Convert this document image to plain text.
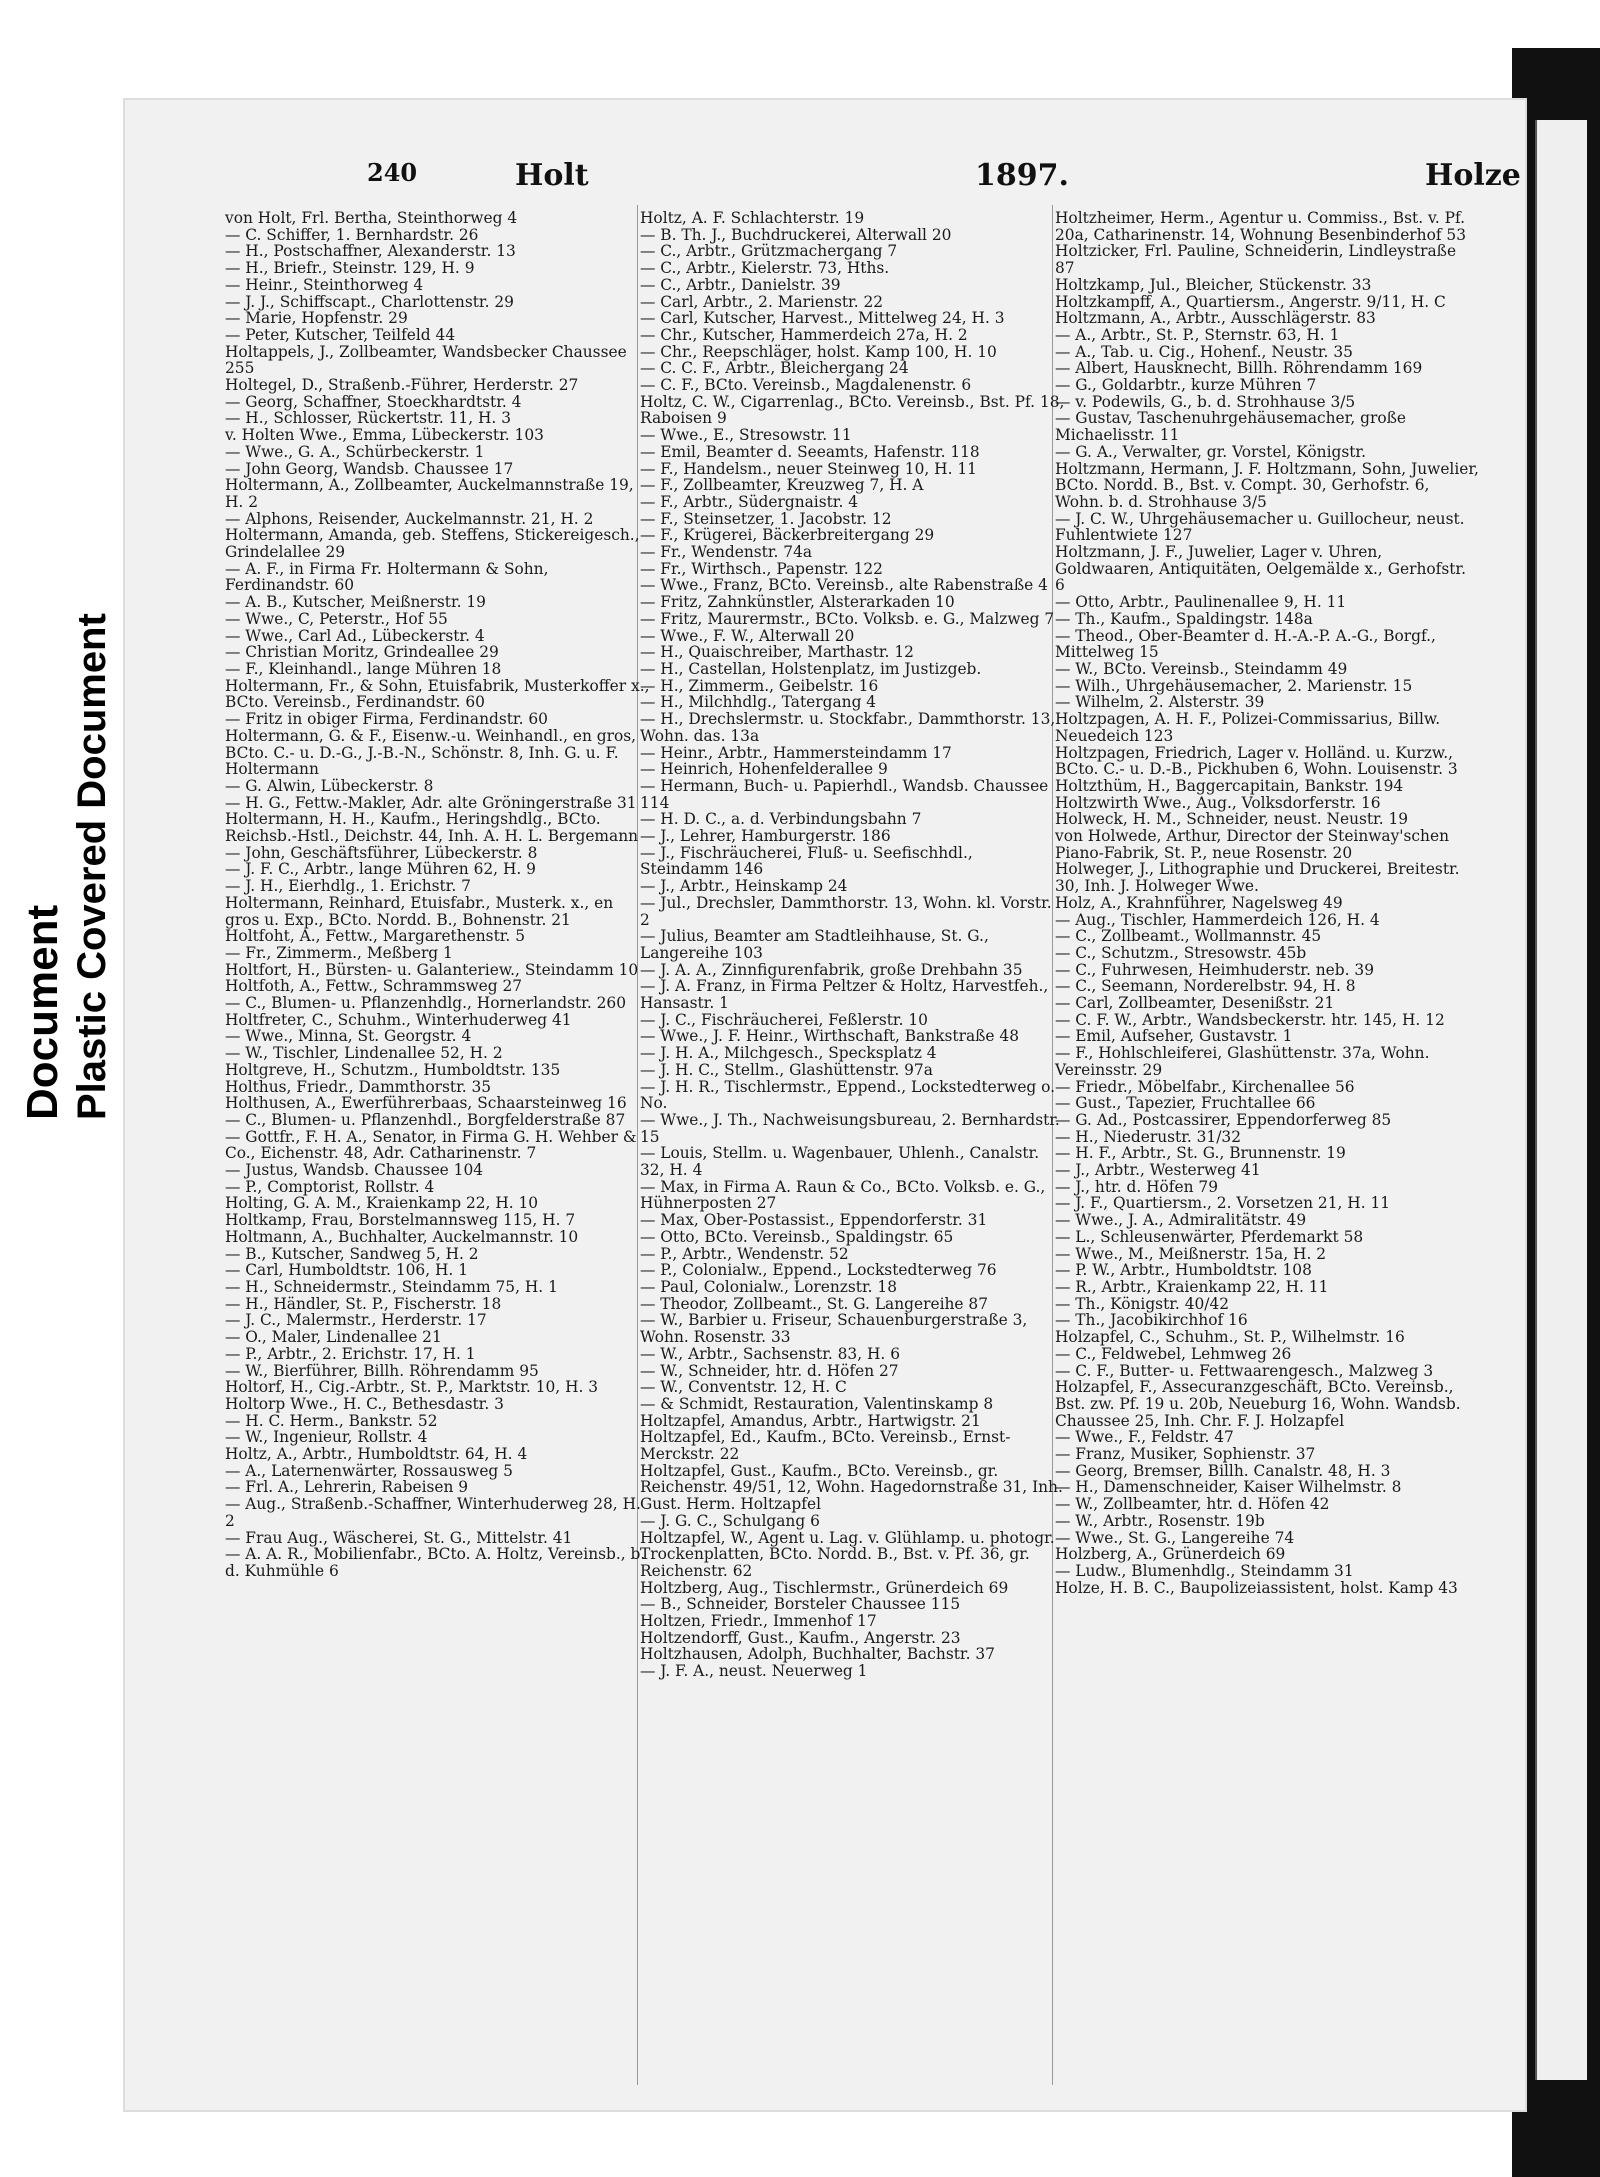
Document Plastic Covered Document
240	Holt	1897.	Holze
von Holt, Frl. Bertha, Steinthorweg 4
— C. Schiffer, 1. Bernhardstr. 26
— H., Postschaffner, Alexanderstr. 13
— H., Briefr., Steinstr. 129, H. 9
— Heinr., Steinthorweg 4
— J. J., Schiffscapt., Charlottenstr. 29
— Marie, Hopfenstr. 29
— Peter, Kutscher, Teilfeld 44
Holtappels, J., Zollbeamter, Wandsbecker Chaussee 255
Holtegel, D., Straßenb.-Führer, Herderstr. 27
— Georg, Schaffner, Stoeckhardtstr. 4
— H., Schlosser, Rückertstr. 11, H. 3
v. Holten Wwe., Emma, Lübeckerstr. 103
— Wwe., G. A., Schürbeckerstr. 1
— John Georg, Wandsb. Chaussee 17
Holtermann, A., Zollbeamter, Auckelmannstraße 19, H. 2
— Alphons, Reisender, Auckelmannstr. 21, H. 2
Holtermann, Amanda, geb. Steffens, Stickereigesch., Grindelallee 29
— A. F., in Firma Fr. Holtermann & Sohn, Ferdinandstr. 60
— A. B., Kutscher, Meißnerstr. 19
— Wwe., C, Peterstr., Hof 55
— Wwe., Carl Ad., Lübeckerstr. 4
— Christian Moritz, Grindeallee 29
— F., Kleinhandl., lange Mühren 18
Holtermann, Fr., & Sohn, Etuisfabrik, Musterkoffer x., BCto. Vereinsb., Ferdinandstr. 60
— Fritz in obiger Firma, Ferdinandstr. 60
Holtermann, G. & F., Eisenw.-u. Weinhandl., en gros, BCto. C.- u. D.-G., J.-B.-N., Schönstr. 8, Inh. G. u. F. Holtermann
— G. Alwin, Lübeckerstr. 8
— H. G., Fettw.-Makler, Adr. alte Gröningerstraße 31
Holtermann, H. H., Kaufm., Heringshdlg., BCto. Reichsb.-Hstl., Deichstr. 44, Inh. A. H. L. Bergemann
— John, Geschäftsführer, Lübeckerstr. 8
— J. F. C., Arbtr., lange Mühren 62, H. 9
— J. H., Eierhdlg., 1. Erichstr. 7
Holtermann, Reinhard, Etuisfabr., Musterk. x., en gros u. Exp., BCto. Nordd. B., Bohnenstr. 21
Holtfoht, A., Fettw., Margarethenstr. 5
— Fr., Zimmerm., Meßberg 1
Holtfort, H., Bürsten- u. Galanteriew., Steindamm 10
Holtfoth, A., Fettw., Schrammsweg 27
— C., Blumen- u. Pflanzenhdlg., Hornerlandstr. 260
Holtfreter, C., Schuhm., Winterhuderweg 41
— Wwe., Minna, St. Georgstr. 4
— W., Tischler, Lindenallee 52, H. 2
Holtgreve, H., Schutzm., Humboldtstr. 135
Holthus, Friedr., Dammthorstr. 35
Holthusen, A., Ewerführerbaas, Schaarsteinweg 16
— C., Blumen- u. Pflanzenhdl., Borgfelderstraße 87
— Gottfr., F. H. A., Senator, in Firma G. H. Wehber & Co., Eichenstr. 48, Adr. Catharinenstr. 7
— Justus, Wandsb. Chaussee 104
— P., Comptorist, Rollstr. 4
Holting, G. A. M., Kraienkamp 22, H. 10
Holtkamp, Frau, Borstelmannsweg 115, H. 7
Holtmann, A., Buchhalter, Auckelmannstr. 10
— B., Kutscher, Sandweg 5, H. 2
— Carl, Humboldtstr. 106, H. 1
— H., Schneidermstr., Steindamm 75, H. 1
— H., Händler, St. P., Fischerstr. 18
— J. C., Malermstr., Herderstr. 17
— O., Maler, Lindenallee 21
— P., Arbtr., 2. Erichstr. 17, H. 1
— W., Bierführer, Billh. Röhrendamm 95
Holtorf, H., Cig.-Arbtr., St. P., Marktstr. 10, H. 3
Holtorp Wwe., H. C., Bethesdastr. 3
— H. C. Herm., Bankstr. 52
— W., Ingenieur, Rollstr. 4
Holtz, A., Arbtr., Humboldtstr. 64, H. 4
— A., Laternenwärter, Rossausweg 5
— Frl. A., Lehrerin, Rabeisen 9
— Aug., Straßenb.-Schaffner, Winterhuderweg 28, H. 2
— Frau Aug., Wäscherei, St. G., Mittelstr. 41
— A. A. R., Mobilienfabr., BCto. A. Holtz, Vereinsb., b. d. Kuhmühle 6
Holtz, A. F. Schlachterstr. 19
— B. Th. J., Buchdruckerei, Alterwall 20
— C., Arbtr., Grützmachergang 7
— C., Arbtr., Kielerstr. 73, Hths.
— C., Arbtr., Danielstr. 39
— Carl, Arbtr., 2. Marienstr. 22
— Carl, Kutscher, Harvest., Mittelweg 24, H. 3
— Chr., Kutscher, Hammerdeich 27a, H. 2
— Chr., Reepschläger, holst. Kamp 100, H. 10
— C. C. F., Arbtr., Bleichergang 24
— C. F., BCto. Vereinsb., Magdalenenstr. 6
Holtz, C. W., Cigarrenlag., BCto. Vereinsb., Bst. Pf. 18, Raboisen 9
— Wwe., E., Stresowstr. 11
— Emil, Beamter d. Seeamts, Hafenstr. 118
— F., Handelsm., neuer Steinweg 10, H. 11
— F., Zollbeamter, Kreuzweg 7, H. A
— F., Arbtr., Südergnaistr. 4
— F., Steinsetzer, 1. Jacobstr. 12
— F., Krügerei, Bäckerbreitergang 29
— Fr., Wendenstr. 74a
— Fr., Wirthsch., Papenstr. 122
— Wwe., Franz, BCto. Vereinsb., alte Rabenstraße 4
— Fritz, Zahnkünstler, Alsterarkaden 10
— Fritz, Maurermstr., BCto. Volksb. e. G., Malzweg 7
— Wwe., F. W., Alterwall 20
— H., Quaischreiber, Marthastr. 12
— H., Castellan, Holstenplatz, im Justizgeb.
— H., Zimmerm., Geibelstr. 16
— H., Milchhdlg., Tatergang 4
— H., Drechslermstr. u. Stockfabr., Dammthorstr. 13, Wohn. das. 13a
— Heinr., Arbtr., Hammersteindamm 17
— Heinrich, Hohenfelderallee 9
— Hermann, Buch- u. Papierhdl., Wandsb. Chaussee 114
— H. D. C., a. d. Verbindungsbahn 7
— J., Lehrer, Hamburgerstr. 186
— J., Fischräucherei, Fluß- u. Seefischhdl., Steindamm 146
— J., Arbtr., Heinskamp 24
— Jul., Drechsler, Dammthorstr. 13, Wohn. kl. Vorstr. 2
— Julius, Beamter am Stadtleihhause, St. G., Langereihe 103
— J. A. A., Zinnfigurenfabrik, große Drehbahn 35
— J. A. Franz, in Firma Peltzer & Holtz, Harvestfeh., Hansastr. 1
— J. C., Fischräucherei, Feßlerstr. 10
— Wwe., J. F. Heinr., Wirthschaft, Bankstraße 48
— J. H. A., Milchgesch., Specksplatz 4
— J. H. C., Stellm., Glashüttenstr. 97a
— J. H. R., Tischlermstr., Eppend., Lockstedterweg o. No.
— Wwe., J. Th., Nachweisungsbureau, 2. Bernhardstr. 15
— Louis, Stellm. u. Wagenbauer, Uhlenh., Canalstr. 32, H. 4
— Max, in Firma A. Raun & Co., BCto. Volksb. e. G., Hühnerposten 27
— Max, Ober-Postassist., Eppendorferstr. 31
— Otto, BCto. Vereinsb., Spaldingstr. 65
— P., Arbtr., Wendenstr. 52
— P., Colonialw., Eppend., Lockstedterweg 76
— Paul, Colonialw., Lorenzstr. 18
— Theodor, Zollbeamt., St. G. Langereihe 87
— W., Barbier u. Friseur, Schauenburgerstraße 3, Wohn. Rosenstr. 33
— W., Arbtr., Sachsenstr. 83, H. 6
— W., Schneider, htr. d. Höfen 27
— W., Conventstr. 12, H. C
— & Schmidt, Restauration, Valentinskamp 8
Holtzapfel, Amandus, Arbtr., Hartwigstr. 21
Holtzapfel, Ed., Kaufm., BCto. Vereinsb., Ernst-Merckstr. 22
Holtzapfel, Gust., Kaufm., BCto. Vereinsb., gr. Reichenstr. 49/51, 12, Wohn. Hagedornstraße 31, Inh. Gust. Herm. Holtzapfel
— J. G. C., Schulgang 6
Holtzapfel, W., Agent u. Lag. v. Glühlamp. u. photogr. Trockenplatten, BCto. Nordd. B., Bst. v. Pf. 36, gr. Reichenstr. 62
Holtzberg, Aug., Tischlermstr., Grünerdeich 69
— B., Schneider, Borsteler Chaussee 115
Holtzen, Friedr., Immenhof 17
Holtzendorff, Gust., Kaufm., Angerstr. 23
Holtzhausen, Adolph, Buchhalter, Bachstr. 37
— J. F. A., neust. Neuerweg 1
Holtzheimer, Herm., Agentur u. Commiss., Bst. v. Pf. 20a, Catharinenstr. 14, Wohnung Besenbinderhof 53
Holtzicker, Frl. Pauline, Schneiderin, Lindleystraße 87
Holtzkamp, Jul., Bleicher, Stückenstr. 33
Holtzkampff, A., Quartiersm., Angerstr. 9/11, H. C
Holtzmann, A., Arbtr., Ausschlägerstr. 83
— A., Arbtr., St. P., Sternstr. 63, H. 1
— A., Tab. u. Cig., Hohenf., Neustr. 35
— Albert, Hausknecht, Billh. Röhrendamm 169
— G., Goldarbtr., kurze Mühren 7
— v. Podewils, G., b. d. Strohhause 3/5
— Gustav, Taschenuhrgehäusemacher, große Michaelisstr. 11
— G. A., Verwalter, gr. Vorstel, Königstr.
Holtzmann, Hermann, J. F. Holtzmann, Sohn, Juwelier, BCto. Nordd. B., Bst. v. Compt. 30, Gerhofstr. 6, Wohn. b. d. Strohhause 3/5
— J. C. W., Uhrgehäusemacher u. Guillocheur, neust. Fuhlentwiete 127
Holtzmann, J. F., Juwelier, Lager v. Uhren, Goldwaaren, Antiquitäten, Oelgemälde x., Gerhofstr. 6
— Otto, Arbtr., Paulinenallee 9, H. 11
— Th., Kaufm., Spaldingstr. 148a
— Theod., Ober-Beamter d. H.-A.-P. A.-G., Borgf., Mittelweg 15
— W., BCto. Vereinsb., Steindamm 49
— Wilh., Uhrgehäusemacher, 2. Marienstr. 15
— Wilhelm, 2. Alsterstr. 39
Holtzpagen, A. H. F., Polizei-Commissarius, Billw. Neuedeich 123
Holtzpagen, Friedrich, Lager v. Holländ. u. Kurzw., BCto. C.- u. D.-B., Pickhuben 6, Wohn. Louisenstr. 3
Holtzthüm, H., Baggercapitain, Bankstr. 194
Holtzwirth Wwe., Aug., Volksdorferstr. 16
Holweck, H. M., Schneider, neust. Neustr. 19
von Holwede, Arthur, Director der Steinway'schen Piano-Fabrik, St. P., neue Rosenstr. 20
Holweger, J., Lithographie und Druckerei, Breitestr. 30, Inh. J. Holweger Wwe.
Holz, A., Krahnführer, Nagelsweg 49
— Aug., Tischler, Hammerdeich 126, H. 4
— C., Zollbeamt., Wollmannstr. 45
— C., Schutzm., Stresowstr. 45b
— C., Fuhrwesen, Heimhuderstr. neb. 39
— C., Seemann, Norderelbstr. 94, H. 8
— Carl, Zollbeamter, Desenißstr. 21
— C. F. W., Arbtr., Wandsbeckerstr. htr. 145, H. 12
— Emil, Aufseher, Gustavstr. 1
— F., Hohlschleiferei, Glashüttenstr. 37a, Wohn. Vereinsstr. 29
— Friedr., Möbelfabr., Kirchenallee 56
— Gust., Tapezier, Fruchtallee 66
— G. Ad., Postcassirer, Eppendorferweg 85
— H., Niederustr. 31/32
— H. F., Arbtr., St. G., Brunnenstr. 19
— J., Arbtr., Westerweg 41
— J., htr. d. Höfen 79
— J. F., Quartiersm., 2. Vorsetzen 21, H. 11
— Wwe., J. A., Admiralitätstr. 49
— L., Schleusenwärter, Pferdemarkt 58
— Wwe., M., Meißnerstr. 15a, H. 2
— P. W., Arbtr., Humboldtstr. 108
— R., Arbtr., Kraienkamp 22, H. 11
— Th., Königstr. 40/42
— Th., Jacobikirchhof 16
Holzapfel, C., Schuhm., St. P., Wilhelmstr. 16
— C., Feldwebel, Lehmweg 26
— C. F., Butter- u. Fettwaarengesch., Malzweg 3
Holzapfel, F., Assecuranzgeschäft, BCto. Vereinsb., Bst. zw. Pf. 19 u. 20b, Neueburg 16, Wohn. Wandsb. Chaussee 25, Inh. Chr. F. J. Holzapfel
— Wwe., F., Feldstr. 47
— Franz, Musiker, Sophienstr. 37
— Georg, Bremser, Billh. Canalstr. 48, H. 3
— H., Damenschneider, Kaiser Wilhelmstr. 8
— W., Zollbeamter, htr. d. Höfen 42
— W., Arbtr., Rosenstr. 19b
— Wwe., St. G., Langereihe 74
Holzberg, A., Grünerdeich 69
— Ludw., Blumenhdlg., Steindamm 31
Holze, H. B. C., Baupolizeiassistent, holst. Kamp 43
